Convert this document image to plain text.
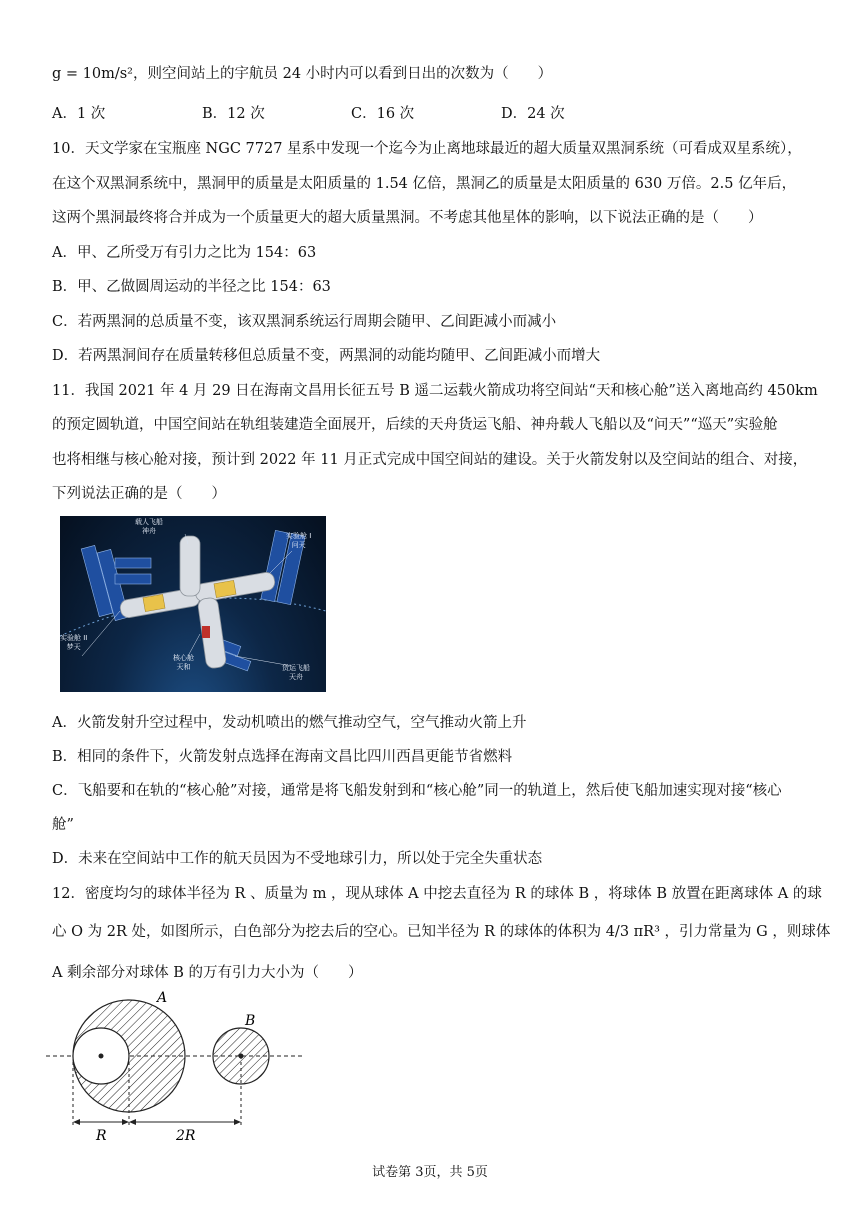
g = 10m/s²，则空间站上的宇航员 24 小时内可以看到日出的次数为（　　）
A．1 次	B．12 次	C．16 次	D．24 次
10．天文学家在宝瓶座 NGC 7727 星系中发现一个迄今为止离地球最近的超大质量双黑洞系统（可看成双星系统），
在这个双黑洞系统中，黑洞甲的质量是太阳质量的 1.54 亿倍，黑洞乙的质量是太阳质量的 630 万倍。2.5 亿年后，
这两个黑洞最终将合并成为一个质量更大的超大质量黑洞。不考虑其他星体的影响，以下说法正确的是（　　）
A．甲、乙所受万有引力之比为 154：63
B．甲、乙做圆周运动的半径之比 154：63
C．若两黑洞的总质量不变，该双黑洞系统运行周期会随甲、乙间距减小而减小
D．若两黑洞间存在质量转移但总质量不变，两黑洞的动能均随甲、乙间距减小而增大
11．我国 2021 年 4 月 29 日在海南文昌用长征五号 B 遥二运载火箭成功将空间站“天和核心舱”送入离地高约 450km
的预定圆轨道，中国空间站在轨组装建造全面展开，后续的天舟货运飞船、神舟载人飞船以及“问天”“巡天”实验舱
也将相继与核心舱对接，预计到 2022 年 11 月正式完成中国空间站的建设。关于火箭发射以及空间站的组合、对接，
下列说法正确的是（　　）
载人飞船
神舟
实验舱 I
问天
实验舱 II
梦天
核心舱
天和	货运飞船
天舟
A．火箭发射升空过程中，发动机喷出的燃气推动空气，空气推动火箭上升
B．相同的条件下，火箭发射点选择在海南文昌比四川西昌更能节省燃料
C．飞船要和在轨的“核心舱”对接，通常是将飞船发射到和“核心舱”同一的轨道上，然后使飞船加速实现对接“核心
舱”
D．未来在空间站中工作的航天员因为不受地球引力，所以处于完全失重状态
12．密度均匀的球体半径为 R 、质量为 m ，现从球体 A 中挖去直径为 R 的球体 B ，将球体 B 放置在距离球体 A 的球
心 O 为 2R 处，如图所示，白色部分为挖去后的空心。已知半径为 R 的球体的体积为 4/3 πR³ ，引力常量为 G ，则球体
A 剩余部分对球体 B 的万有引力大小为（　　）
A
B
R	2R
试卷第 3页，共 5页
